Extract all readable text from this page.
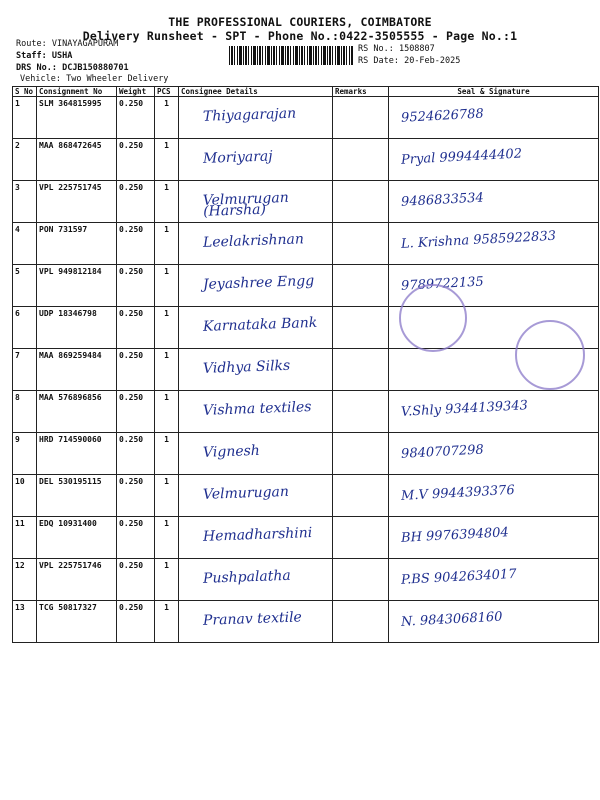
THE PROFESSIONAL COURIERS, COIMBATORE
Delivery Runsheet - SPT - Phone No.:0422-3505555 - Page No.:1
Route: VINAYAGAPURAM
Staff: USHA
DRS No.: DCJB150880701
Vehicle: Two Wheeler Delivery
RS No.: 1508807
RS Date: 20-Feb-2025
S No	Consignment No	Weight	PCS	Consignee Details	Remarks	Seal & Signature
1	SLM 364815995	0.250	1	Thiyagarajan		9524626788

2	MAA 868472645	0.250	1	Moriyaraj		Pryal 9994444402

3	VPL 225751745	0.250	1	Velmurugan (Harsha)		9486833534

4	PON 731597	0.250	1	Leelakrishnan		L. Krishna 9585922833

5	VPL 949812184	0.250	1	Jeyashree Engg		9789722135

6	UDP 18346798	0.250	1	Karnataka Bank		

7	MAA 869259484	0.250	1	Vidhya Silks		

8	MAA 576896856	0.250	1	Vishma textiles		V.Shly 9344139343

9	HRD 714590060	0.250	1	Vignesh		9840707298

10	DEL 530195115	0.250	1	Velmurugan		M.V 9944393376

11	EDQ 10931400	0.250	1	Hemadharshini		BH 9976394804

12	VPL 225751746	0.250	1	Pushpalatha		P.BS 9042634017

13	TCG 50817327	0.250	1	Pranav textile		N. 9843068160
